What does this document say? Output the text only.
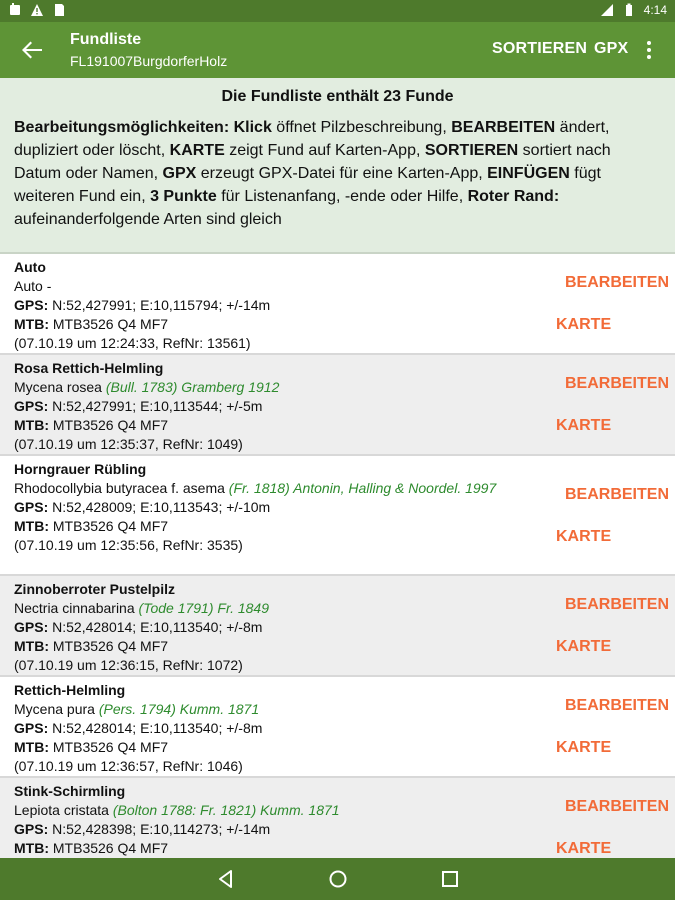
4:14
Fundliste
FL191007BurgdorferHolz
SORTIEREN GPX
Die Fundliste enthält 23 Funde
Bearbeitungsmöglichkeiten: Klick öffnet Pilzbeschreibung, BEARBEITEN ändert, dupliziert oder löscht, KARTE zeigt Fund auf Karten-App, SORTIEREN sortiert nach Datum oder Namen, GPX erzeugt GPX-Datei für eine Karten-App, EINFÜGEN fügt weiteren Fund ein, 3 Punkte für Listenanfang, -ende oder Hilfe, Roter Rand: aufeinanderfolgende Arten sind gleich
Auto
Auto -
GPS: N:52,427991; E:10,115794; +/-14m
MTB: MTB3526 Q4 MF7
(07.10.19 um 12:24:33, RefNr: 13561)
BEARBEITEN
KARTE
Rosa Rettich-Helmling
Mycena rosea (Bull. 1783) Gramberg 1912
GPS: N:52,427991; E:10,113544; +/-5m
MTB: MTB3526 Q4 MF7
(07.10.19 um 12:35:37, RefNr: 1049)
BEARBEITEN
KARTE
Horngrauer Rübling
Rhodocollybia butyracea f. asema (Fr. 1818) Antonin, Halling & Noordel. 1997
GPS: N:52,428009; E:10,113543; +/-10m
MTB: MTB3526 Q4 MF7
(07.10.19 um 12:35:56, RefNr: 3535)
BEARBEITEN
KARTE
Zinnoberroter Pustelpilz
Nectria cinnabarina (Tode 1791) Fr. 1849
GPS: N:52,428014; E:10,113540; +/-8m
MTB: MTB3526 Q4 MF7
(07.10.19 um 12:36:15, RefNr: 1072)
BEARBEITEN
KARTE
Rettich-Helmling
Mycena pura (Pers. 1794) Kumm. 1871
GPS: N:52,428014; E:10,113540; +/-8m
MTB: MTB3526 Q4 MF7
(07.10.19 um 12:36:57, RefNr: 1046)
BEARBEITEN
KARTE
Stink-Schirmling
Lepiota cristata (Bolton 1788: Fr. 1821) Kumm. 1871
GPS: N:52,428398; E:10,114273; +/-14m
MTB: MTB3526 Q4 MF7
BEARBEITEN
KARTE
